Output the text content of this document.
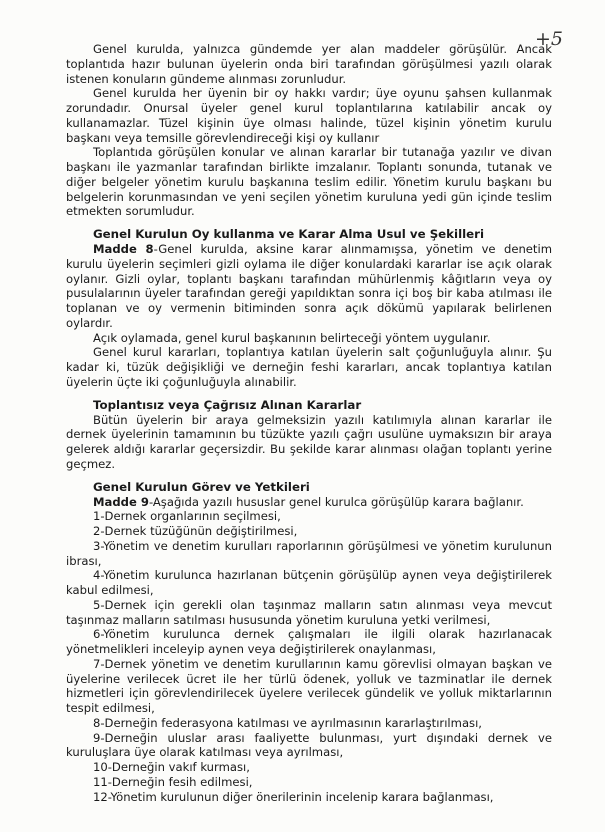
+5

Genel kurulda, yalnızca gündemde yer alan maddeler görüşülür. Ancak toplantıda hazır bulunan üyelerin onda biri tarafından görüşülmesi yazılı olarak istenen konuların gündeme alınması zorunludur.

Genel kurulda her üyenin bir oy hakkı vardır; üye oyunu şahsen kullanmak zorundadır. Onursal üyeler genel kurul toplantılarına katılabilir ancak oy kullanamazlar. Tüzel kişinin üye olması halinde, tüzel kişinin yönetim kurulu başkanı veya temsille görevlendireceği kişi oy kullanır

Toplantıda görüşülen konular ve alınan kararlar bir tutanağa yazılır ve divan başkanı ile yazmanlar tarafından birlikte imzalanır. Toplantı sonunda, tutanak ve diğer belgeler yönetim kurulu başkanına teslim edilir. Yönetim kurulu başkanı bu belgelerin korunmasından ve yeni seçilen yönetim kuruluna yedi gün içinde teslim etmekten sorumludur.

Genel Kurulun Oy kullanma ve Karar Alma Usul ve Şekilleri

Madde 8-Genel kurulda, aksine karar alınmamışsa, yönetim ve denetim kurulu üyelerin seçimleri gizli oylama ile diğer konulardaki kararlar ise açık olarak oylanır. Gizli oylar, toplantı başkanı tarafından mühürlenmiş kâğıtların veya oy pusulalarının üyeler tarafından gereği yapıldıktan sonra içi boş bir kaba atılması ile toplanan ve oy vermenin bitiminden sonra açık dökümü yapılarak belirlenen oylardır.

Açık oylamada, genel kurul başkanının belirteceği yöntem uygulanır.

Genel kurul kararları, toplantıya katılan üyelerin salt çoğunluğuyla alınır. Şu kadar ki, tüzük değişikliği ve derneğin feshi kararları, ancak toplantıya katılan üyelerin üçte iki çoğunluğuyla alınabilir.

Toplantısız veya Çağrısız Alınan Kararlar

Bütün üyelerin bir araya gelmeksizin yazılı katılımıyla alınan kararlar ile dernek üyelerinin tamamının bu tüzükte yazılı çağrı usulüne uymaksızın bir araya gelerek aldığı kararlar geçersizdir. Bu şekilde karar alınması olağan toplantı yerine geçmez.

Genel Kurulun Görev ve Yetkileri

Madde 9-Aşağıda yazılı hususlar genel kurulca görüşülüp karara bağlanır.

1-Dernek organlarının seçilmesi,

2-Dernek tüzüğünün değiştirilmesi,

3-Yönetim ve denetim kurulları raporlarının görüşülmesi ve yönetim kurulunun ibrası,

4-Yönetim kurulunca hazırlanan bütçenin görüşülüp aynen veya değiştirilerek kabul edilmesi,

5-Dernek için gerekli olan taşınmaz malların satın alınması veya mevcut taşınmaz malların satılması hususunda yönetim kuruluna yetki verilmesi,

6-Yönetim kurulunca dernek çalışmaları ile ilgili olarak hazırlanacak yönetmelikleri inceleyip aynen veya değiştirilerek onaylanması,

7-Dernek yönetim ve denetim kurullarının kamu görevlisi olmayan başkan ve üyelerine verilecek ücret ile her türlü ödenek, yolluk ve tazminatlar ile dernek hizmetleri için görevlendirilecek üyelere verilecek gündelik ve yolluk miktarlarının tespit edilmesi,

8-Derneğin federasyona katılması ve ayrılmasının kararlaştırılması,

9-Derneğin uluslar arası faaliyette bulunması, yurt dışındaki dernek ve kuruluşlara üye olarak katılması veya ayrılması,

10-Derneğin vakıf kurması,

11-Derneğin fesih edilmesi,

12-Yönetim kurulunun diğer önerilerinin incelenip karara bağlanması,
